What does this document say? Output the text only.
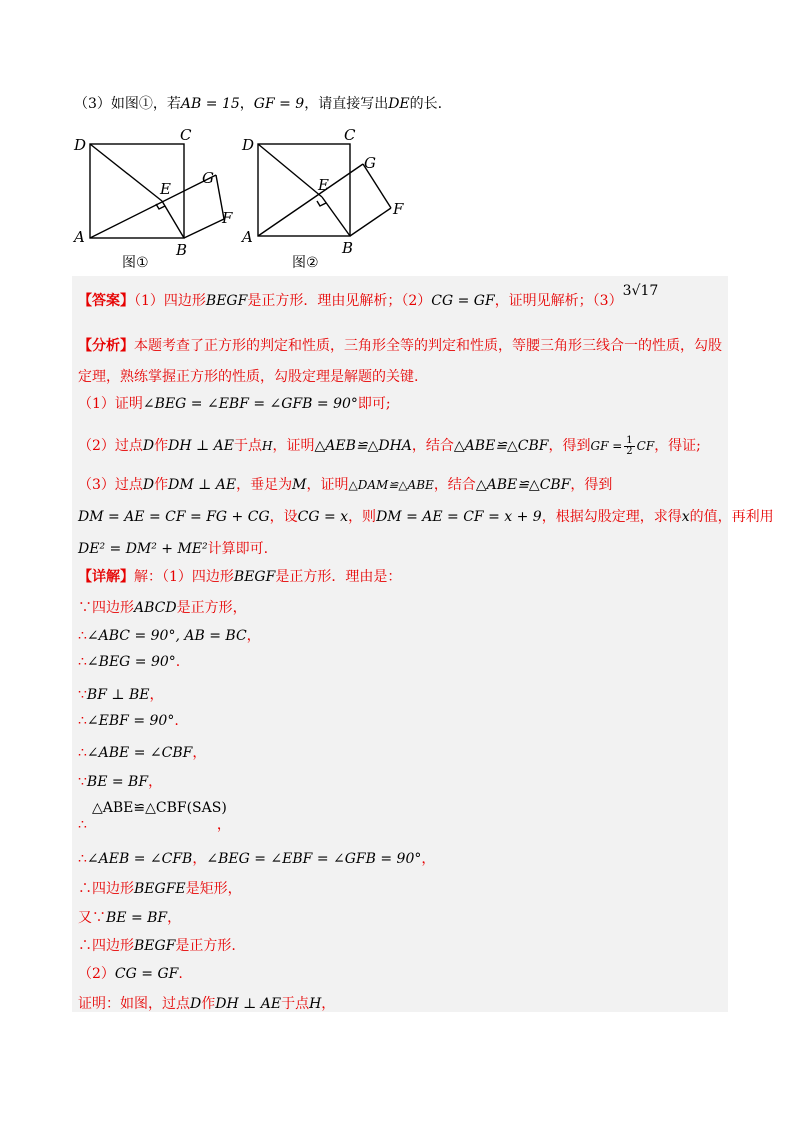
（3）如图①，若AB = 15，GF = 9，请直接写出DE的长.
D
C
E
G
F
A
B
图①
D
C
E
G
F
A
B
图②
【答案】（1）四边形BEGF是正方形．理由见解析；（2）CG = GF，证明见解析；（3）3√17
【分析】本题考查了正方形的判定和性质，三角形全等的判定和性质，等腰三角形三线合一的性质，勾股
定理，熟练掌握正方形的性质，勾股定理是解题的关键.
（1）证明∠BEG = ∠EBF = ∠GFB = 90°即可;
（2）过点D作DH ⊥ AE于点H，证明△AEB≌△DHA，结合△ABE≌△CBF，得到GF = $\frac{1}{2}$ CF，得证;
（3）过点D作DM ⊥ AE，垂足为M，证明△DAM≌△ABE，结合△ABE≌△CBF，得到
DM = AE = CF = FG + CG，设CG = x，则DM = AE = CF = x + 9，根据勾股定理，求得x的值，再利用
DE² = DM² + ME²计算即可.
【详解】解：（1）四边形BEGF是正方形．理由是：
∵四边形ABCD是正方形，
∴∠ABC = 90°, AB = BC，
∴∠BEG = 90°.
∵BF ⊥ BE，
∴∠EBF = 90°.
∴∠ABE = ∠CBF，
∵BE = BF，
△ABE≌△CBF(SAS)
∴	，
∴∠AEB = ∠CFB，∠BEG = ∠EBF = ∠GFB = 90°，
∴四边形BEGFE是矩形，
又∵BE = BF，
∴四边形BEGF是正方形.
（2）CG = GF.
证明：如图，过点D作DH ⊥ AE于点H，
